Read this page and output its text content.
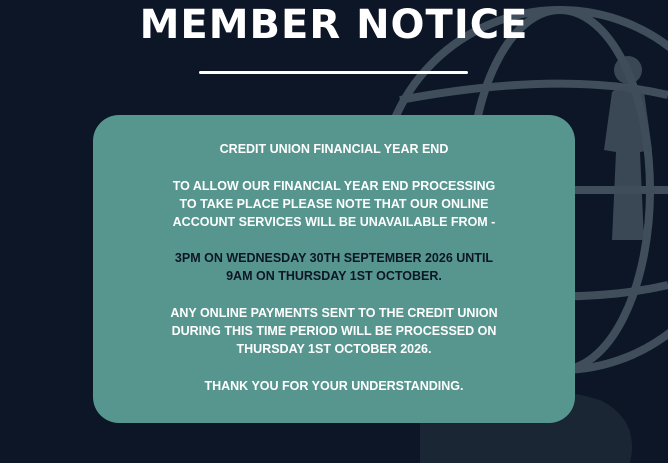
MEMBER NOTICE

CREDIT UNION FINANCIAL YEAR END

TO ALLOW OUR FINANCIAL YEAR END PROCESSING

TO TAKE PLACE PLEASE NOTE THAT OUR ONLINE

ACCOUNT SERVICES WILL BE UNAVAILABLE FROM -

3PM ON WEDNESDAY 30TH SEPTEMBER 2026 UNTIL

9AM ON THURSDAY 1ST OCTOBER.

ANY ONLINE PAYMENTS SENT TO THE CREDIT UNION

DURING THIS TIME PERIOD WILL BE PROCESSED ON

THURSDAY 1ST OCTOBER 2026.

THANK YOU FOR YOUR UNDERSTANDING.
